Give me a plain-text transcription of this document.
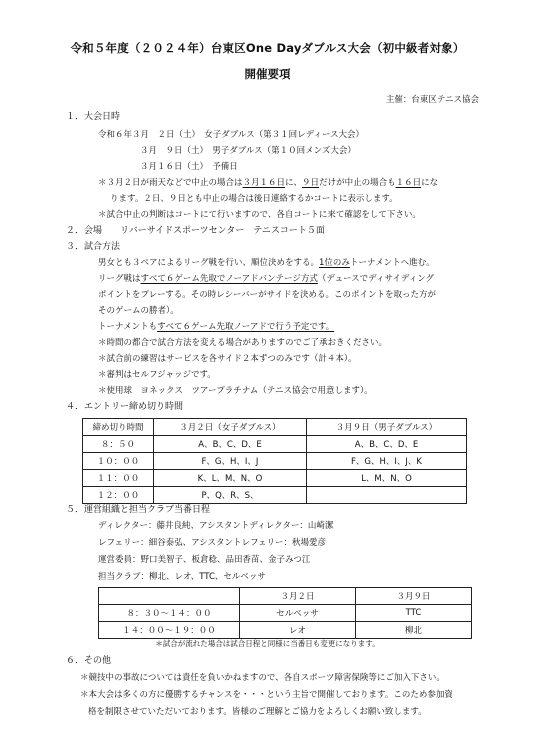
令和５年度（２０２４年）台東区One Dayダブルス大会（初中級者対象）
開催要項
主催：台東区テニス協会
１．大会日時
令和６年３月　２日（土）　女子ダブルス（第３１回レディース大会）
３月　９日（土）　男子ダブルス（第１０回メンズ大会）
３月１６日（土）　予備日
＊３月２日が雨天などで中止の場合は３月１６日に、９日だけが中止の場合も１６日にな
ります。２日、９日とも中止の場合は後日連絡するかコートに表示します。
＊試合中止の判断はコートにて行いますので、各自コートに来て確認をして下さい。
２．会場　　リバーサイドスポーツセンター　テニスコート５面
３．試合方法
男女とも３ペアによるリーグ戦を行い、順位決めをする。1位のみトーナメントへ進む。
リーグ戦はすべて６ゲーム先取でノーアドバンテージ方式（デュースでディサイディング
ポイントをプレーする。その時レシーバーがサイドを決める。このポイントを取った方が
そのゲームの勝者）。
トーナメントもすべて６ゲーム先取ノーアドで行う予定です。
＊時間の都合で試合方法を変える場合がありますのでご了承おきください。
＊試合前の練習はサービスを各サイド２本ずつのみです（計４本）。
＊審判はセルフジャッジです。
＊使用球　ヨネックス　ツアープラチナム（テニス協会で用意します）。
４．エントリー締め切り時間
締め切り時間	３月２日（女子ダブルス）	３月９日（男子ダブルス）
８：５０	A、B、C、D、E	A、B、C、D、E
１０：００	F、G、H、I、J	F、G、H、I、J、K
１１：００	K、L、M、N、O	L、M、N、O
１２：００	P、Q、R、S、	
５．運営組織と担当クラブ当番日程
ディレクター：藤井良純、アシスタントディレクター：山崎潔
レフェリー：細谷泰弘、アシスタントレフェリー：秋場愛彦
運営委員：野口美智子、板倉稔、品田香苗、金子みつ江
担当クラブ：柳北、レオ、TTC、セルベッサ
	３月２日	３月９日
８：３０～１４：００	セルベッサ	TTC
１４：００～１９：００	レオ	柳北
＊試合が流れた場合は試合日程と同様に当番日も変更になります。
６．その他
＊競技中の事故については責任を負いかねますので、各自スポーツ障害保険等にご加入下さい。
＊本大会は多くの方に優勝するチャンスを・・・という主旨で開催しております。このため参加資
格を制限させていただいております。皆様のご理解とご協力をよろしくお願い致します。
